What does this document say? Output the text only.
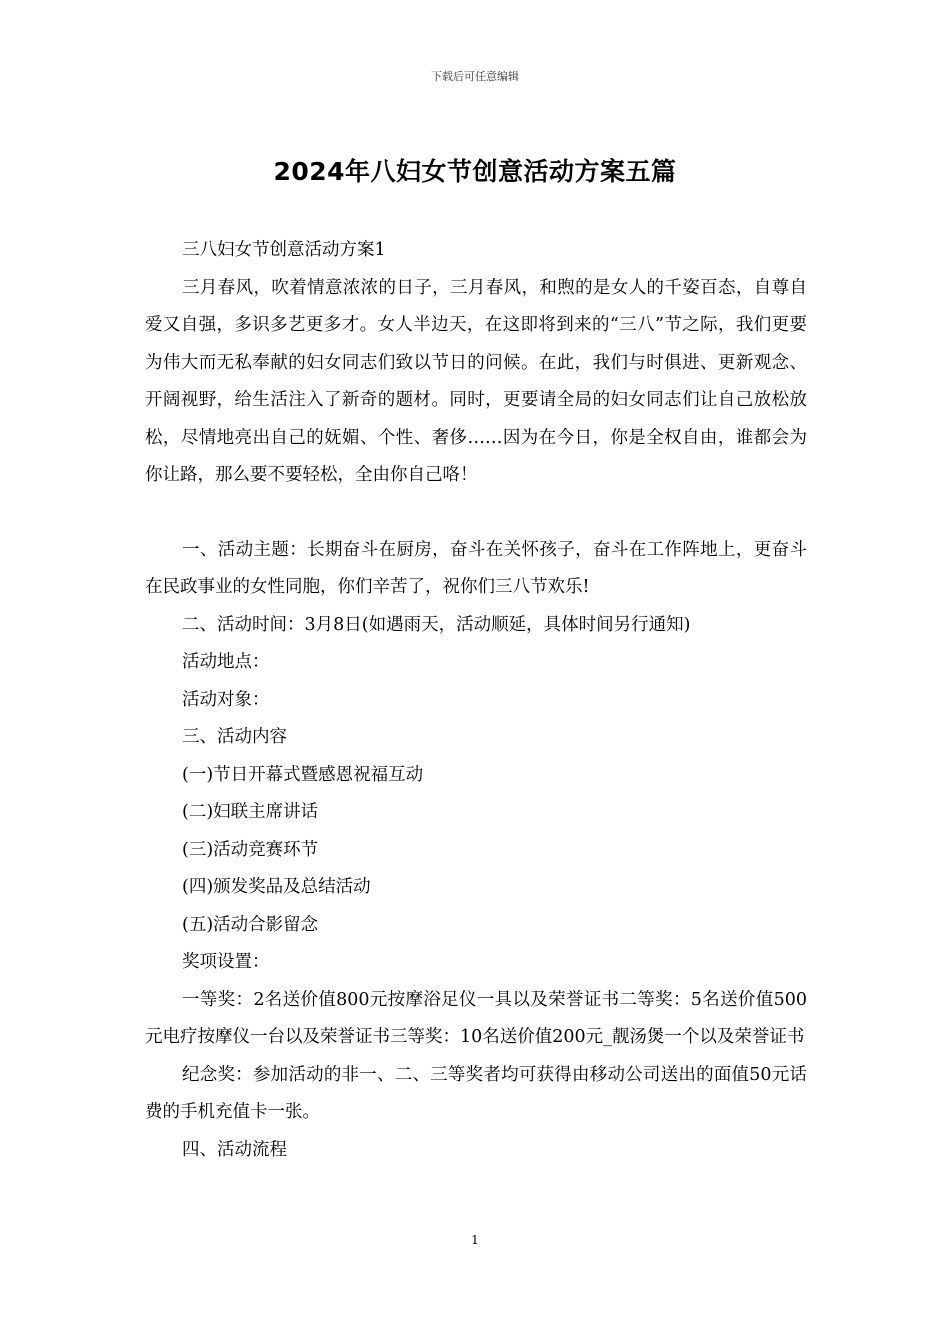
下载后可任意编辑
2024年八妇女节创意活动方案五篇

三八妇女节创意活动方案1

三月春风，吹着情意浓浓的日子，三月春风，和煦的是女人的千姿百态，自尊自爱又自强，多识多艺更多才。女人半边天，在这即将到来的“三八”节之际，我们更要为伟大而无私奉献的妇女同志们致以节日的问候。在此，我们与时俱进、更新观念、开阔视野，给生活注入了新奇的题材。同时，更要请全局的妇女同志们让自己放松放松，尽情地亮出自己的妩媚、个性、奢侈……因为在今日，你是全权自由，谁都会为你让路，那么要不要轻松，全由你自己咯！

一、活动主题：长期奋斗在厨房，奋斗在关怀孩子，奋斗在工作阵地上，更奋斗在民政事业的女性同胞，你们辛苦了，祝你们三八节欢乐!

二、活动时间：3月8日(如遇雨天，活动顺延，具体时间另行通知)

活动地点：

活动对象：

三、活动内容

(一)节日开幕式暨感恩祝福互动

(二)妇联主席讲话

(三)活动竞赛环节

(四)颁发奖品及总结活动

(五)活动合影留念

奖项设置：

一等奖：2名送价值800元按摩浴足仪一具以及荣誉证书二等奖：5名送价值500元电疗按摩仪一台以及荣誉证书三等奖：10名送价值200元_靓汤煲一个以及荣誉证书

纪念奖：参加活动的非一、二、三等奖者均可获得由移动公司送出的面值50元话费的手机充值卡一张。

四、活动流程

1
